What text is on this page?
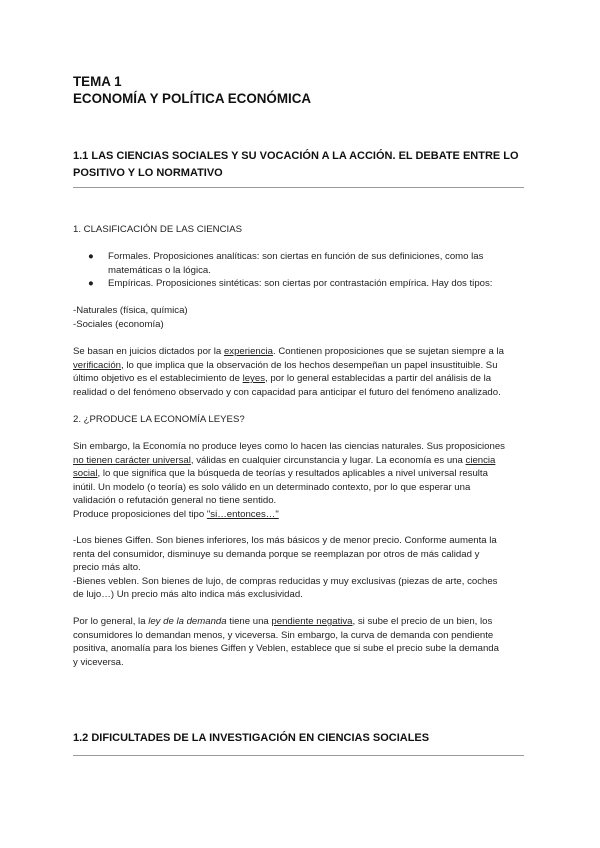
TEMA 1
ECONOMÍA Y POLÍTICA ECONÓMICA
1.1 LAS CIENCIAS SOCIALES Y SU VOCACIÓN A LA ACCIÓN. EL DEBATE ENTRE LO
POSITIVO Y LO NORMATIVO
1. CLASIFICACIÓN DE LAS CIENCIAS
● Formales. Proposiciones analíticas: son ciertas en función de sus definiciones, como las
matemáticas o la lógica.
● Empíricas. Proposiciones sintéticas: son ciertas por contrastación empírica. Hay dos tipos:
-Naturales (física, química)
-Sociales (economía)
Se basan en juicios dictados por la experiencia. Contienen proposiciones que se sujetan siempre a la
verificación, lo que implica que la observación de los hechos desempeñan un papel insustituible. Su
último objetivo es el establecimiento de leyes, por lo general establecidas a partir del análisis de la
realidad o del fenómeno observado y con capacidad para anticipar el futuro del fenómeno analizado.
2. ¿PRODUCE LA ECONOMÍA LEYES?
Sin embargo, la Economía no produce leyes como lo hacen las ciencias naturales. Sus proposiciones
no tienen carácter universal, válidas en cualquier circunstancia y lugar. La economía es una ciencia
social, lo que significa que la búsqueda de teorías y resultados aplicables a nivel universal resulta
inútil. Un modelo (o teoría) es solo válido en un determinado contexto, por lo que esperar una
validación o refutación general no tiene sentido.
Produce proposiciones del tipo "si…entonces…"
-Los bienes Giffen. Son bienes inferiores, los más básicos y de menor precio. Conforme aumenta la
renta del consumidor, disminuye su demanda porque se reemplazan por otros de más calidad y
precio más alto.
-Bienes veblen. Son bienes de lujo, de compras reducidas y muy exclusivas (piezas de arte, coches
de lujo…) Un precio más alto indica más exclusividad.
Por lo general, la ley de la demanda tiene una pendiente negativa, si sube el precio de un bien, los
consumidores lo demandan menos, y viceversa. Sin embargo, la curva de demanda con pendiente
positiva, anomalía para los bienes Giffen y Veblen, establece que si sube el precio sube la demanda
y viceversa.
1.2 DIFICULTADES DE LA INVESTIGACIÓN EN CIENCIAS SOCIALES
